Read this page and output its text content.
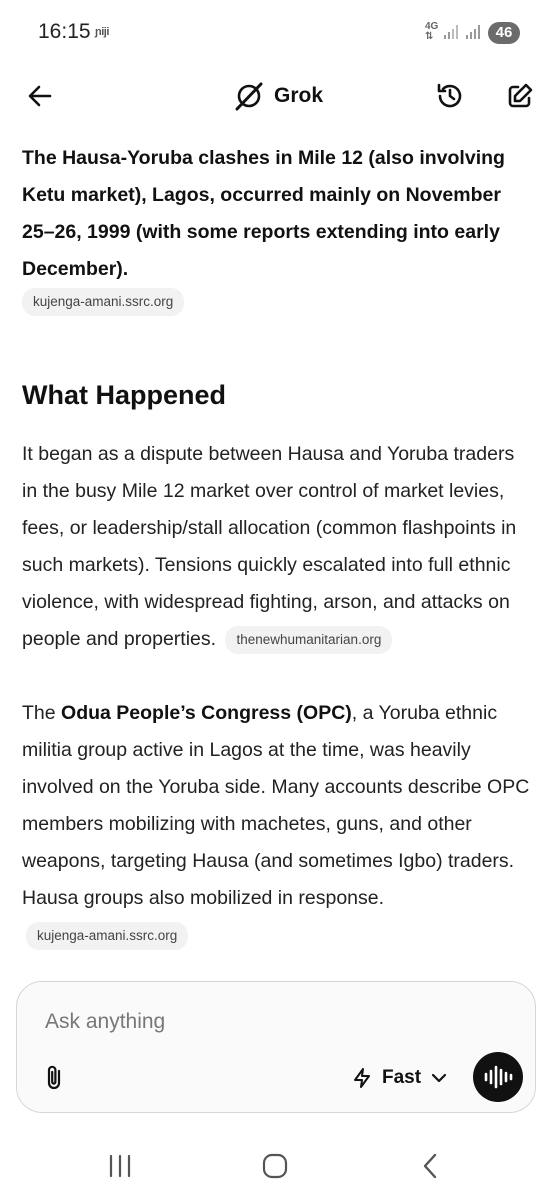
16:15 ɲiji	4G
⇅	46
Grok

The Hausa-Yoruba clashes in Mile 12 (also involving Ketu market), Lagos, occurred mainly on November 25–26, 1999 (with some reports extending into early December).

kujenga-amani.ssrc.org
What Happened

It began as a dispute between Hausa and Yoruba traders in the busy Mile 12 market over control of market levies, fees, or leadership/stall allocation (common flashpoints in such markets). Tensions quickly escalated into full ethnic violence, with widespread fighting, arson, and attacks on people and properties. thenewhumanitarian.org

The Odua People’s Congress (OPC), a Yoruba ethnic militia group active in Lagos at the time, was heavily involved on the Yoruba side. Many accounts describe OPC members mobilizing with machetes, guns, and other weapons, targeting Hausa (and sometimes Igbo) traders. Hausa groups also mobilized in response. kujenga-amani.ssrc.org

Ask anything
Fast
